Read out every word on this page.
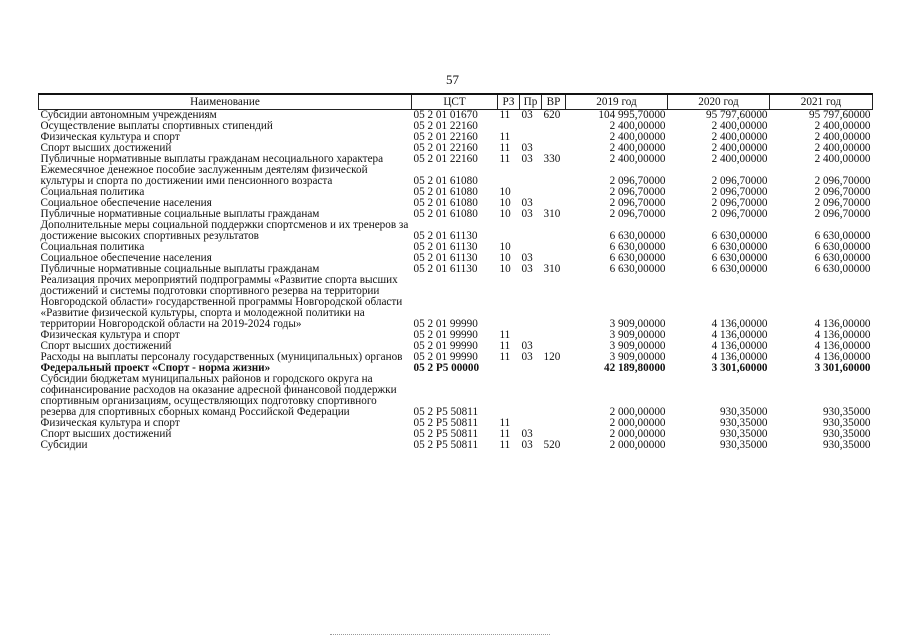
57
Наименование	ЦСТ	РЗ	Пр	ВР	2019 год	2020 год	2021 год
Субсидии автономным учреждениям	05 2 01 01670	11	03	620	104 995,70000	95 797,60000	95 797,60000
Осуществление выплаты спортивных стипендий	05 2 01 22160				2 400,00000	2 400,00000	2 400,00000
Физическая культура и спорт	05 2 01 22160	11			2 400,00000	2 400,00000	2 400,00000
Спорт высших достижений	05 2 01 22160	11	03		2 400,00000	2 400,00000	2 400,00000
Публичные нормативные выплаты гражданам несоциального характера	05 2 01 22160	11	03	330	2 400,00000	2 400,00000	2 400,00000
Ежемесячное денежное пособие заслуженным деятелям физической культуры и спорта по достижении ими пенсионного возраста	05 2 01 61080				2 096,70000	2 096,70000	2 096,70000
Социальная политика	05 2 01 61080	10			2 096,70000	2 096,70000	2 096,70000
Социальное обеспечение населения	05 2 01 61080	10	03		2 096,70000	2 096,70000	2 096,70000
Публичные нормативные социальные выплаты гражданам	05 2 01 61080	10	03	310	2 096,70000	2 096,70000	2 096,70000
Дополнительные меры социальной поддержки спортсменов и их тренеров за достижение высоких спортивных результатов	05 2 01 61130				6 630,00000	6 630,00000	6 630,00000
Социальная политика	05 2 01 61130	10			6 630,00000	6 630,00000	6 630,00000
Социальное обеспечение населения	05 2 01 61130	10	03		6 630,00000	6 630,00000	6 630,00000
Публичные нормативные социальные выплаты гражданам	05 2 01 61130	10	03	310	6 630,00000	6 630,00000	6 630,00000
Реализация прочих мероприятий подпрограммы «Развитие спорта высших достижений и системы подготовки спортивного резерва на территории Новгородской области» государственной программы Новгородской области «Развитие физической культуры, спорта и молодежной политики на территории Новгородской области на 2019-2024 годы»	05 2 01 99990				3 909,00000	4 136,00000	4 136,00000
Физическая культура и спорт	05 2 01 99990	11			3 909,00000	4 136,00000	4 136,00000
Спорт высших достижений	05 2 01 99990	11	03		3 909,00000	4 136,00000	4 136,00000
Расходы на выплаты персоналу государственных (муниципальных) органов	05 2 01 99990	11	03	120	3 909,00000	4 136,00000	4 136,00000
Федеральный проект «Спорт - норма жизни»	05 2 P5 00000				42 189,80000	3 301,60000	3 301,60000
Субсидии бюджетам муниципальных районов и городского округа на софинансирование расходов на оказание адресной финансовой поддержки спортивным организациям, осуществляющих подготовку спортивного резерва для спортивных сборных команд Российской Федерации	05 2 P5 50811				2 000,00000	930,35000	930,35000
Физическая культура и спорт	05 2 P5 50811	11			2 000,00000	930,35000	930,35000
Спорт высших достижений	05 2 P5 50811	11	03		2 000,00000	930,35000	930,35000
Субсидии	05 2 P5 50811	11	03	520	2 000,00000	930,35000	930,35000
